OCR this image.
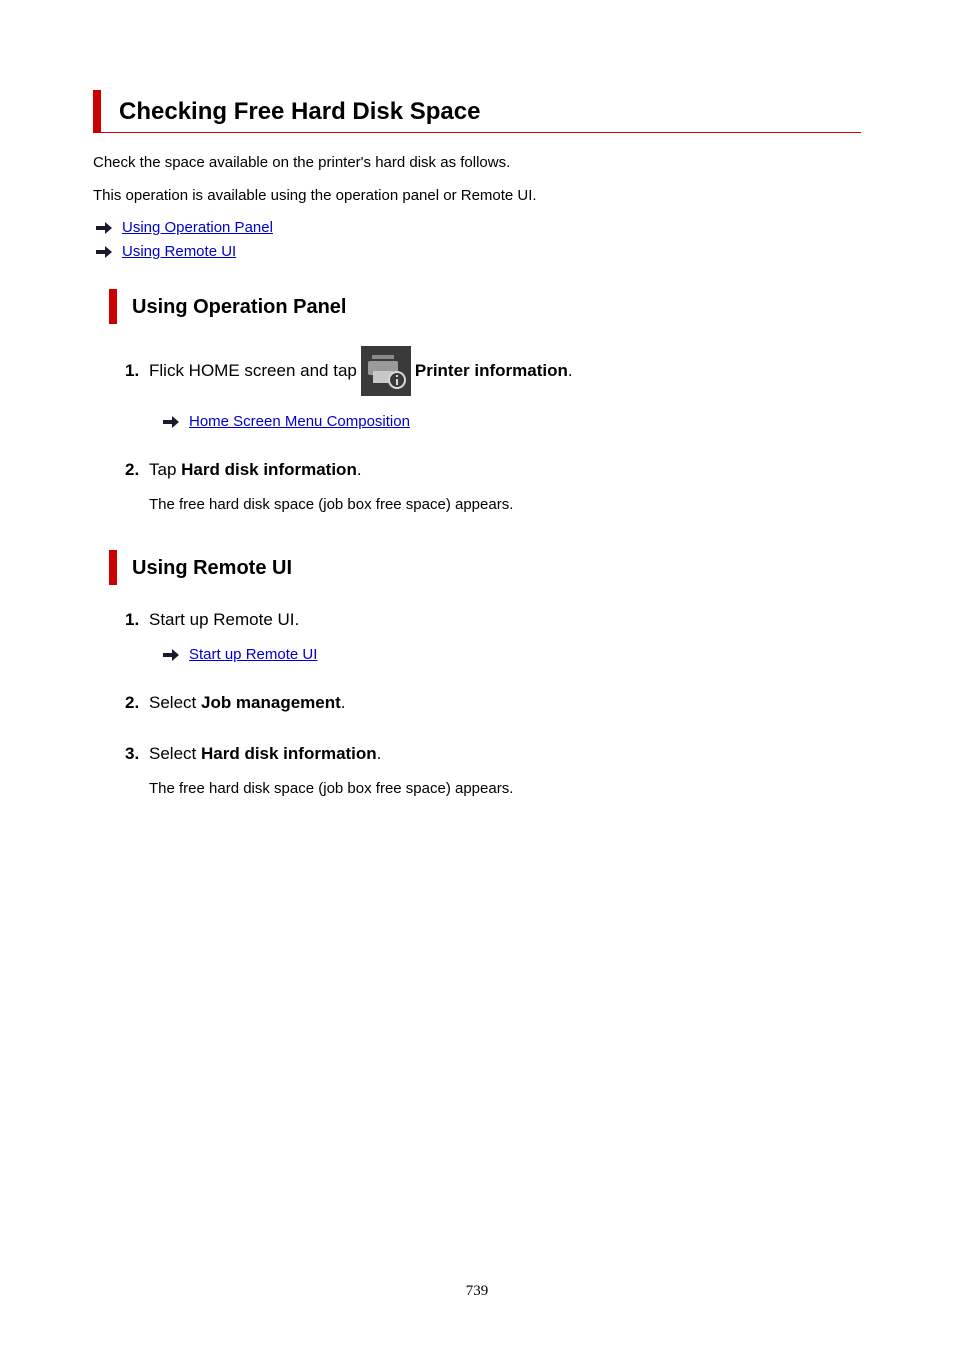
Checking Free Hard Disk Space
Check the space available on the printer's hard disk as follows.
This operation is available using the operation panel or Remote UI.
Using Operation Panel
Using Remote UI
Using Operation Panel
1. Flick HOME screen and tap	Printer information .
Home Screen Menu Composition
2. Tap Hard disk information .
The free hard disk space (job box free space) appears.
Using Remote UI
1. Start up Remote UI.
Start up Remote UI
2. Select Job management .
3. Select Hard disk information .
The free hard disk space (job box free space) appears.
739
